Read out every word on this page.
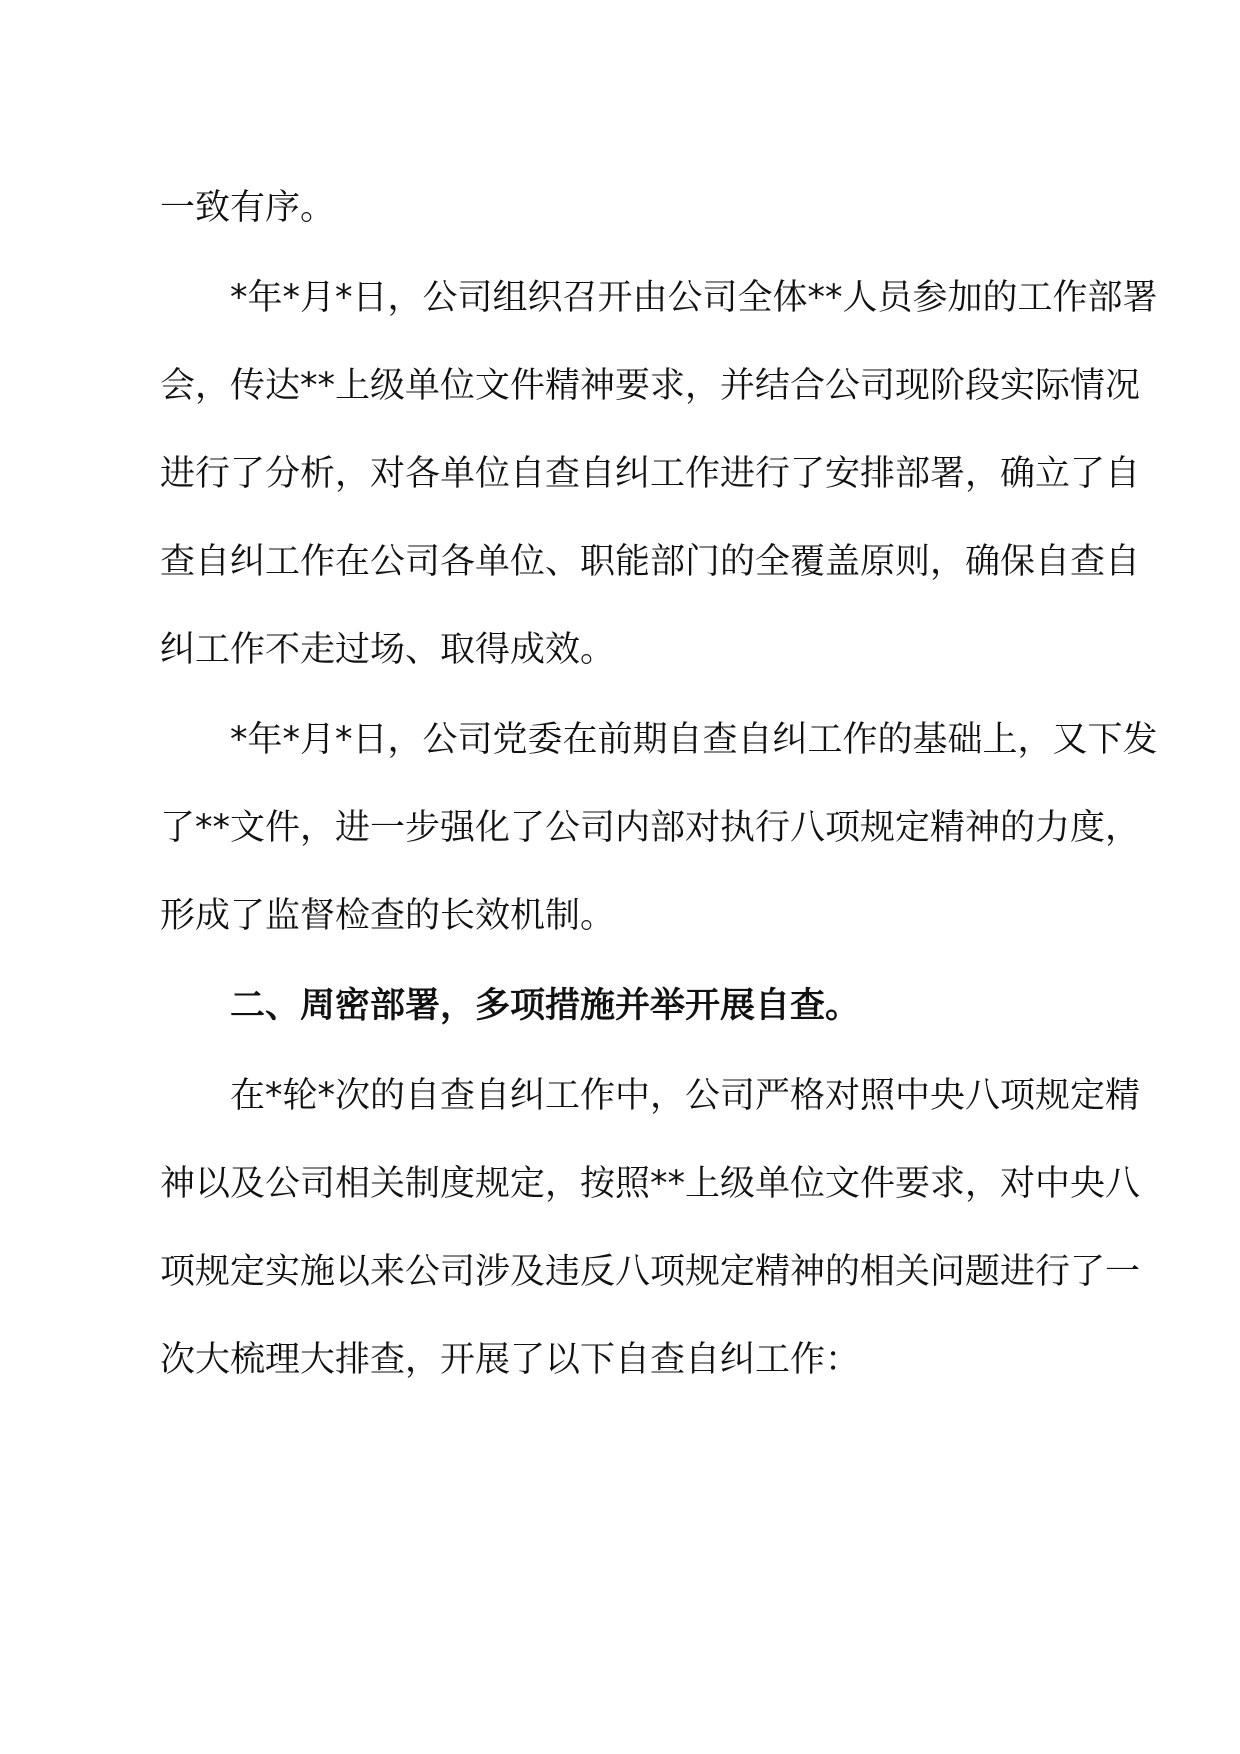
一致有序。

*年*月*日，公司组织召开由公司全体**人员参加的工作部署

会，传达**上级单位文件精神要求，并结合公司现阶段实际情况

进行了分析，对各单位自查自纠工作进行了安排部署，确立了自

查自纠工作在公司各单位、职能部门的全覆盖原则，确保自查自

纠工作不走过场、取得成效。

*年*月*日，公司党委在前期自查自纠工作的基础上，又下发

了**文件，进一步强化了公司内部对执行八项规定精神的力度，

形成了监督检查的长效机制。

二、周密部署，多项措施并举开展自查。

在*轮*次的自查自纠工作中，公司严格对照中央八项规定精

神以及公司相关制度规定，按照**上级单位文件要求，对中央八

项规定实施以来公司涉及违反八项规定精神的相关问题进行了一

次大梳理大排查，开展了以下自查自纠工作：
